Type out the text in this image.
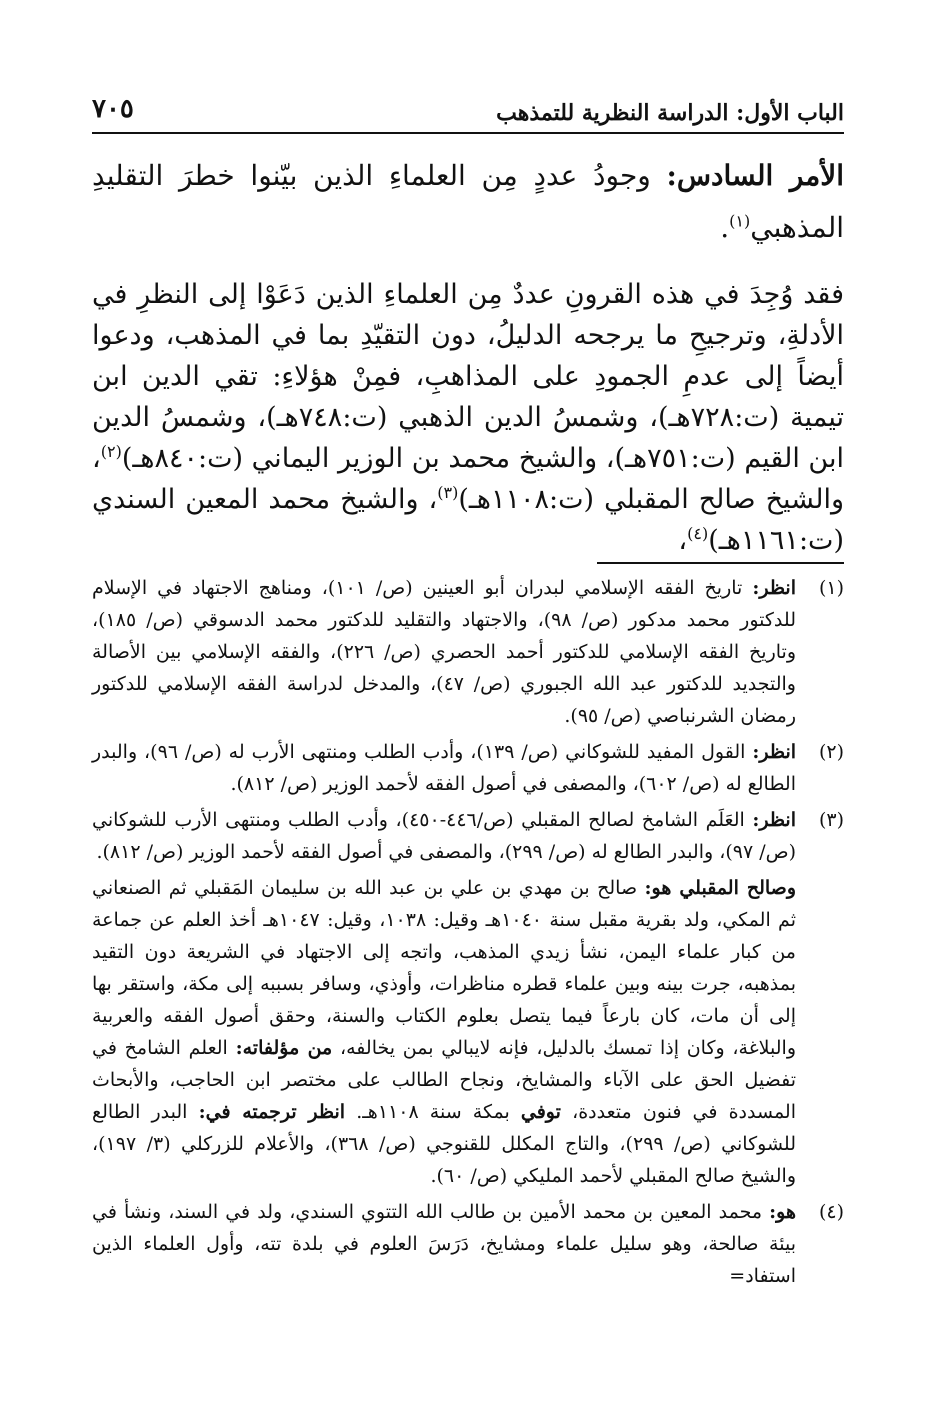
الباب الأول: الدراسة النظرية للتمذهب
٧٠٥

الأمر السادس: وجودُ عددٍ مِن العلماءِ الذين بيّنوا خطرَ التقليدِ المذهبي$^{(١)}$.

فقد وُجِدَ في هذه القرونِ عددٌ مِن العلماءِ الذين دَعَوْا إلى النظرِ في الأدلةِ، وترجيحِ ما يرجحه الدليلُ، دون التقيّدِ بما في المذهب، ودعوا أيضاً إلى عدمِ الجمودِ على المذاهبِ، فمِنْ هؤلاءِ: تقي الدين ابن تيمية (ت:٧٢٨هـ)، وشمسُ الدين الذهبي (ت:٧٤٨هـ)، وشمسُ الدين ابن القيم (ت:٧٥١هـ)، والشيخ محمد بن الوزير اليماني (ت:٨٤٠هـ)$^{(٢)}$، والشيخ صالح المقبلي (ت:١١٠٨هـ)$^{(٣)}$، والشيخ محمد المعين السندي (ت:١١٦١هـ)$^{(٤)}$،

(١)
انظر: تاريخ الفقه الإسلامي لبدران أبو العينين (ص/ ١٠١)، ومناهج الاجتهاد في الإسلام للدكتور محمد مدكور (ص/ ٩٨)، والاجتهاد والتقليد للدكتور محمد الدسوقي (ص/ ١٨٥)، وتاريخ الفقه الإسلامي للدكتور أحمد الحصري (ص/ ٢٢٦)، والفقه الإسلامي بين الأصالة والتجديد للدكتور عبد الله الجبوري (ص/ ٤٧)، والمدخل لدراسة الفقه الإسلامي للدكتور رمضان الشرنباصي (ص/ ٩٥).

(٢)
انظر: القول المفيد للشوكاني (ص/ ١٣٩)، وأدب الطلب ومنتهى الأرب له (ص/ ٩٦)، والبدر الطالع له (ص/ ٦٠٢)، والمصفى في أصول الفقه لأحمد الوزير (ص/ ٨١٢).

(٣)
انظر: العَلَم الشامخ لصالح المقبلي (ص/٤٤٦-٤٥٠)، وأدب الطلب ومنتهى الأرب للشوكاني (ص/ ٩٧)، والبدر الطالع له (ص/ ٢٩٩)، والمصفى في أصول الفقه لأحمد الوزير (ص/ ٨١٢).

وصالح المقبلي هو: صالح بن مهدي بن علي بن عبد الله بن سليمان المَقبلي ثم الصنعاني ثم المكي، ولد بقرية مقبل سنة ١٠٤٠هـ وقيل: ١٠٣٨، وقيل: ١٠٤٧هـ أخذ العلم عن جماعة من كبار علماء اليمن، نشأ زيدي المذهب، واتجه إلى الاجتهاد في الشريعة دون التقيد بمذهبه، جرت بينه وبين علماء قطره مناظرات، وأوذي، وسافر بسببه إلى مكة، واستقر بها إلى أن مات، كان بارعاً فيما يتصل بعلوم الكتاب والسنة، وحقق أصول الفقه والعربية والبلاغة، وكان إذا تمسك بالدليل، فإنه لايبالي بمن يخالفه، من مؤلفاته: العلم الشامخ في تفضيل الحق على الآباء والمشايخ، ونجاح الطالب على مختصر ابن الحاجب، والأبحاث المسددة في فنون متعددة، توفي بمكة سنة ١١٠٨هـ. انظر ترجمته في: البدر الطالع للشوكاني (ص/ ٢٩٩)، والتاج المكلل للقنوجي (ص/ ٣٦٨)، والأعلام للزركلي (٣/ ١٩٧)، والشيخ صالح المقبلي لأحمد المليكي (ص/ ٦٠).

(٤)
هو: محمد المعين بن محمد الأمين بن طالب الله التتوي السندي، ولد في السند، ونشأ في بيئة صالحة، وهو سليل علماء ومشايخ، دَرَسَ العلوم في بلدة تته، وأول العلماء الذين استفاد=
